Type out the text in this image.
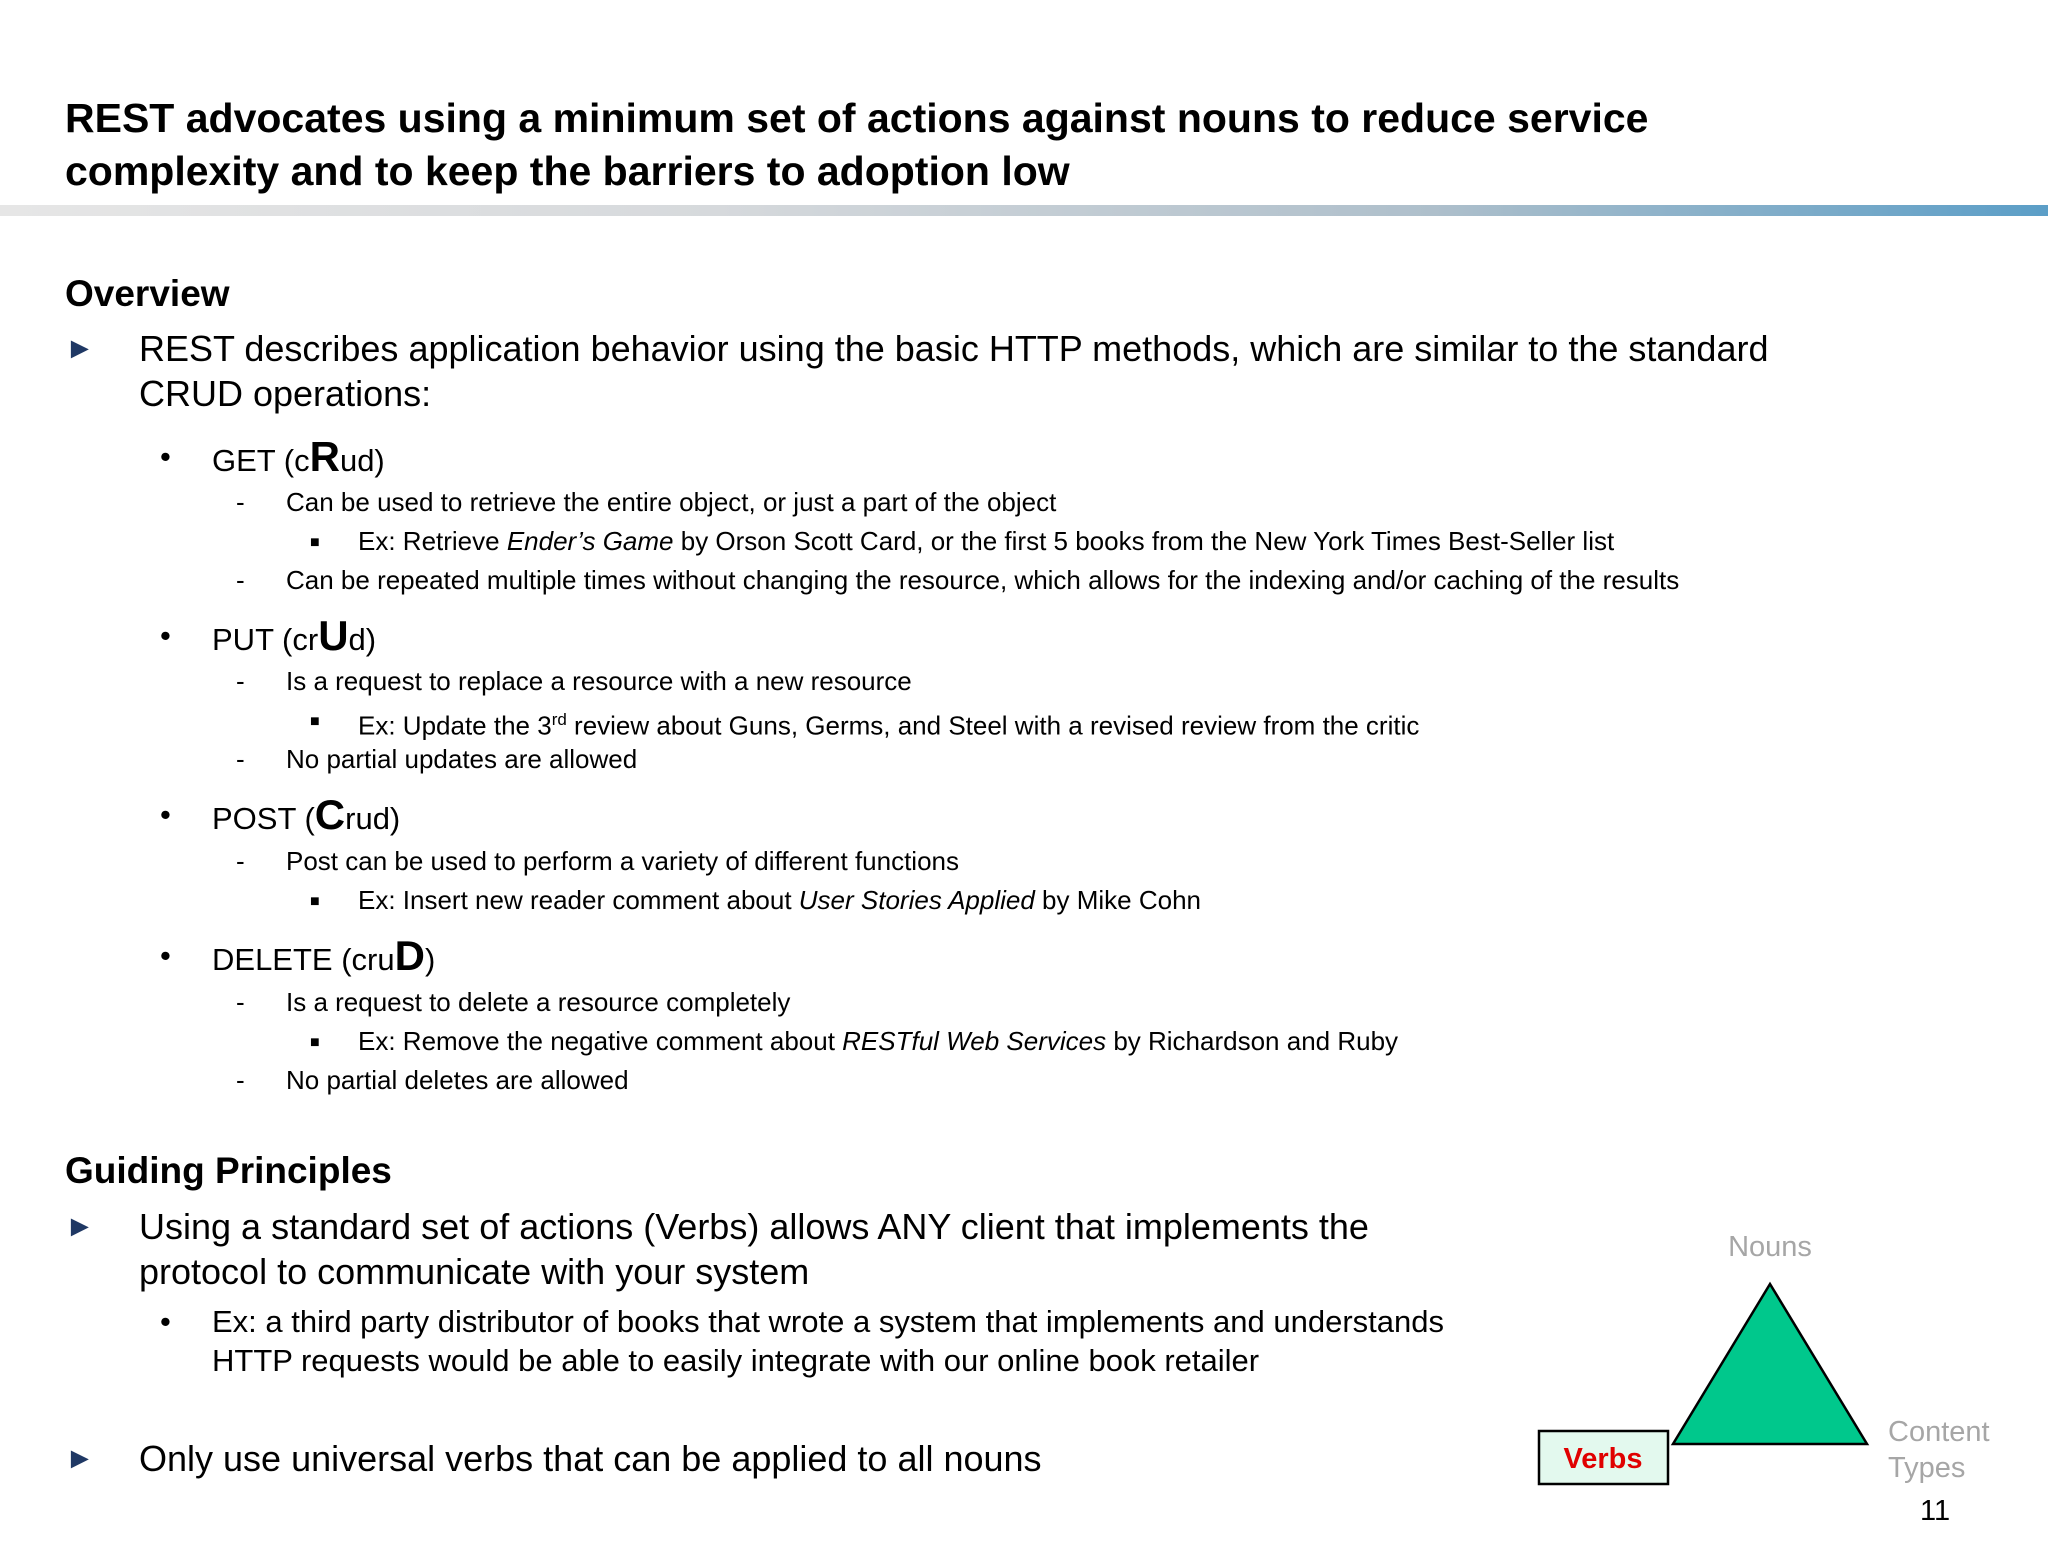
REST advocates using a minimum set of actions against nouns to reduce service
complexity and to keep the barriers to adoption low
Overview
► REST describes application behavior using the basic HTTP methods, which are similar to the standard
CRUD operations:
• GET (cRud)
- Can be used to retrieve the entire object, or just a part of the object
■ Ex: Retrieve Ender’s Game by Orson Scott Card, or the first 5 books from the New York Times Best-Seller list
- Can be repeated multiple times without changing the resource, which allows for the indexing and/or caching of the results
• PUT (crUd)
- Is a request to replace a resource with a new resource
■ Ex: Update the 3rd review about Guns, Germs, and Steel with a revised review from the critic
- No partial updates are allowed
• POST (Crud)
- Post can be used to perform a variety of different functions
■ Ex: Insert new reader comment about User Stories Applied by Mike Cohn
• DELETE (cruD)
- Is a request to delete a resource completely
■ Ex: Remove the negative comment about RESTful Web Services by Richardson and Ruby
- No partial deletes are allowed
Guiding Principles
► Using a standard set of actions (Verbs) allows ANY client that implements the
protocol to communicate with your system
• Ex: a third party distributor of books that wrote a system that implements and understands
HTTP requests would be able to easily integrate with our online book retailer
► Only use universal verbs that can be applied to all nouns
Nouns
Verbs
Content
Types
11
